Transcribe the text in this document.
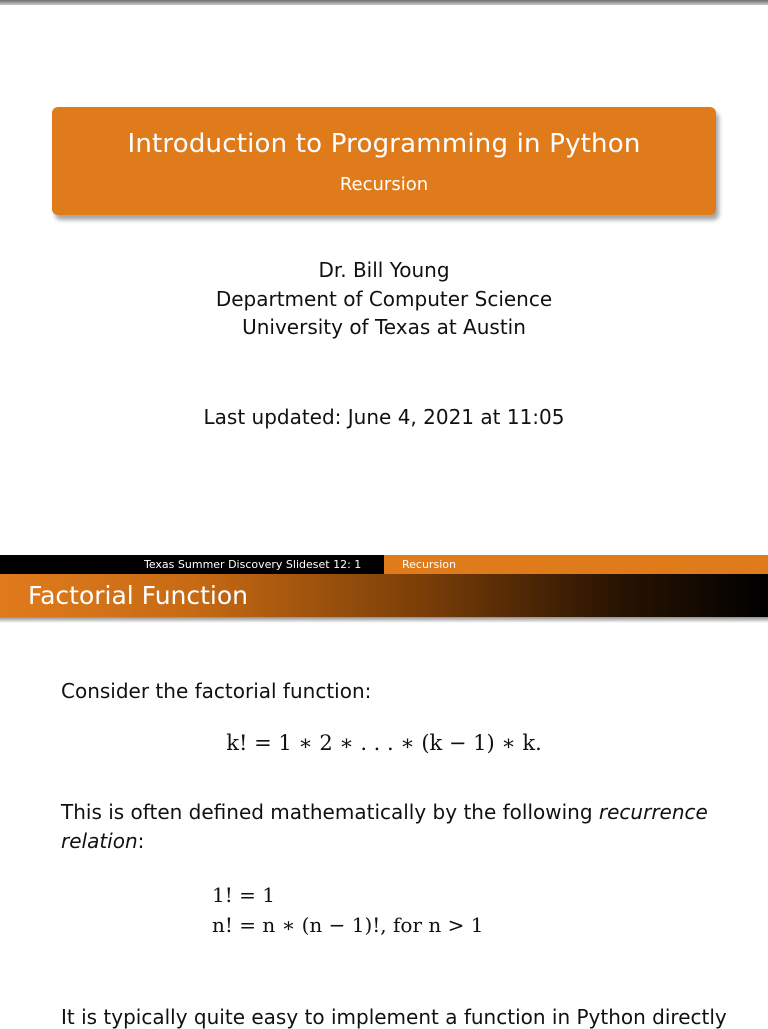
Introduction to Programming in Python
Recursion
Dr. Bill Young
Department of Computer Science
University of Texas at Austin
Last updated: June 4, 2021 at 11:05
Texas Summer Discovery Slideset 12: 1	Recursion
Factorial Function
Consider the factorial function:
k! = 1 ∗ 2 ∗ . . . ∗ (k − 1) ∗ k.
This is often defined mathematically by the following recurrence relation:
1! = 1
n! = n ∗ (n − 1)!, for n > 1
It is typically quite easy to implement a function in Python directly
